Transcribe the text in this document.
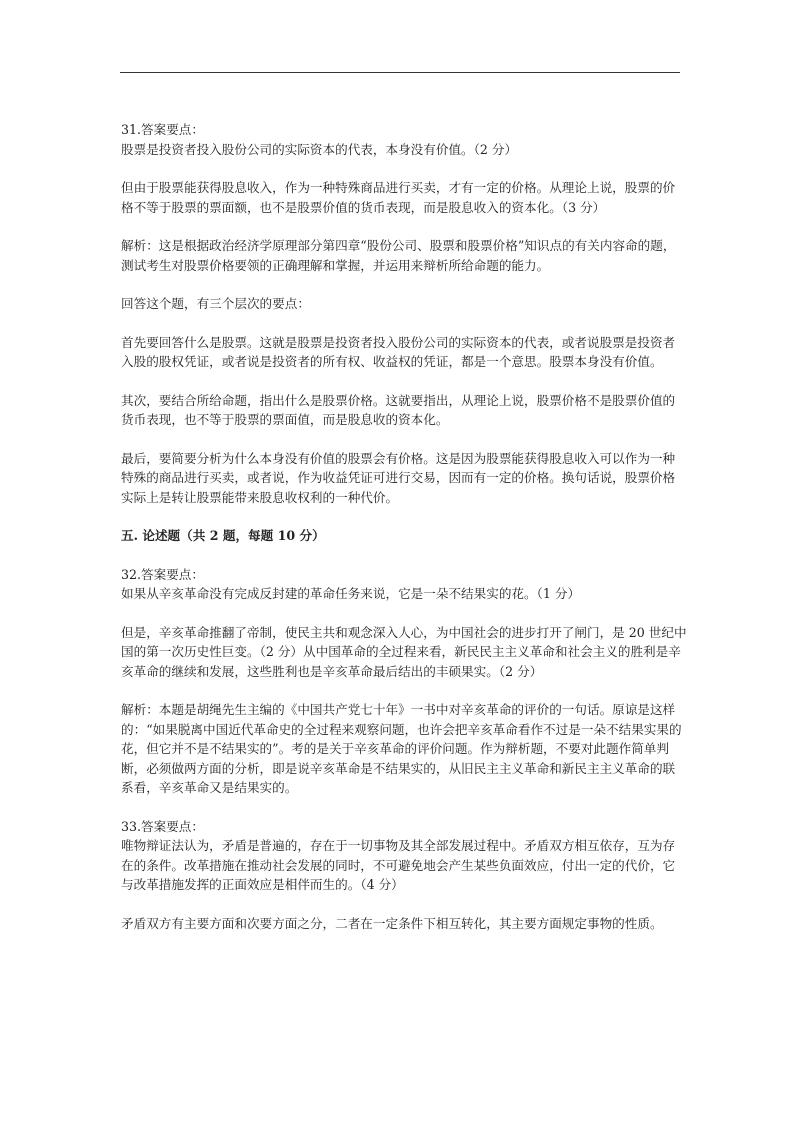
31.答案要点：

股票是投资者投入股份公司的实际资本的代表，本身没有价值。（2 分）

但由于股票能获得股息收入，作为一种特殊商品进行买卖，才有一定的价格。从理论上说，股票的价格不等于股票的票面额，也不是股票价值的货币表现，而是股息收入的资本化。（3 分）

解析：这是根据政治经济学原理部分第四章“股份公司、股票和股票价格”知识点的有关内容命的题，测试考生对股票价格要领的正确理解和掌握，并运用来辩析所给命题的能力。

回答这个题，有三个层次的要点：

首先要回答什么是股票。这就是股票是投资者投入股份公司的实际资本的代表，或者说股票是投资者入股的股权凭证，或者说是投资者的所有权、收益权的凭证，都是一个意思。股票本身没有价值。

其次，要结合所给命题，指出什么是股票价格。这就要指出，从理论上说，股票价格不是股票价值的货币表现，也不等于股票的票面值，而是股息收的资本化。

最后，要简要分析为什么本身没有价值的股票会有价格。这是因为股票能获得股息收入可以作为一种特殊的商品进行买卖，或者说，作为收益凭证可进行交易，因而有一定的价格。换句话说，股票价格实际上是转让股票能带来股息收权利的一种代价。

五. 论述题（共 2 题，每题 10 分）

32.答案要点：

如果从辛亥革命没有完成反封建的革命任务来说，它是一朵不结果实的花。（1 分）

但是，辛亥革命推翻了帝制，使民主共和观念深入人心，为中国社会的进步打开了闸门，是 20 世纪中国的第一次历史性巨变。（2 分）从中国革命的全过程来看，新民民主主义革命和社会主义的胜利是辛亥革命的继续和发展，这些胜利也是辛亥革命最后结出的丰硕果实。（2 分）

解析：本题是胡绳先生主编的《中国共产党七十年》一书中对辛亥革命的评价的一句话。原谅是这样的：“如果脱离中国近代革命史的全过程来观察问题，也许会把辛亥革命看作不过是一朵不结果实果的花，但它并不是不结果实的”。考的是关于辛亥革命的评价问题。作为辩析题，不要对此题作简单判断，必须做两方面的分析，即是说辛亥革命是不结果实的，从旧民主主义革命和新民主主义革命的联系看，辛亥革命又是结果实的。

33.答案要点：

唯物辩证法认为，矛盾是普遍的，存在于一切事物及其全部发展过程中。矛盾双方相互依存，互为存在的条件。改革措施在推动社会发展的同时，不可避免地会产生某些负面效应，付出一定的代价，它与改革措施发挥的正面效应是相伴而生的。（4 分）

矛盾双方有主要方面和次要方面之分，二者在一定条件下相互转化，其主要方面规定事物的性质。
